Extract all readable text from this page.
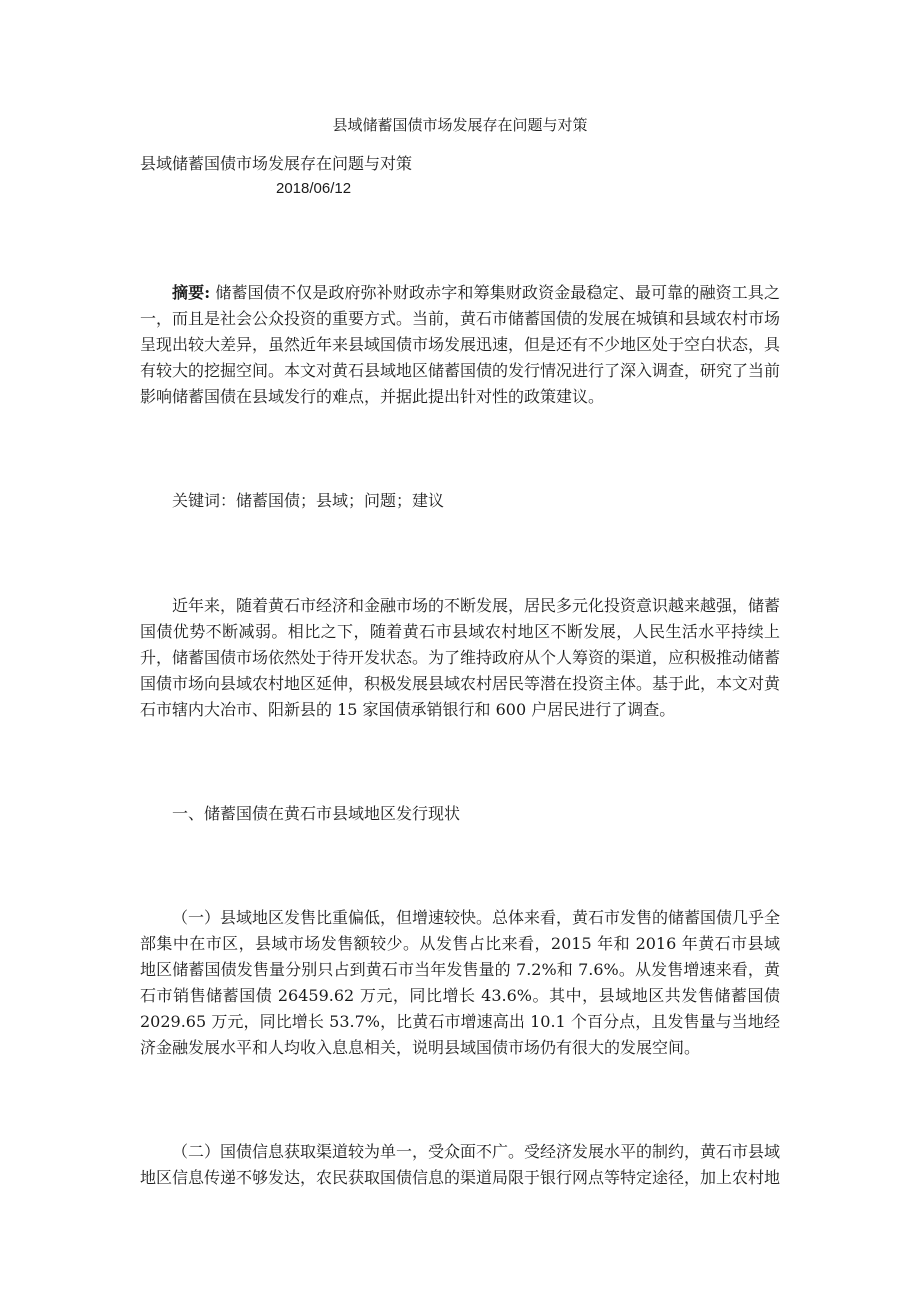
县域储蓄国债市场发展存在问题与对策
县域储蓄国债市场发展存在问题与对策
2018/06/12

摘要: 储蓄国债不仅是政府弥补财政赤字和筹集财政资金最稳定、最可靠的融资工具之一，而且是社会公众投资的重要方式。当前，黄石市储蓄国债的发展在城镇和县域农村市场呈现出较大差异，虽然近年来县域国债市场发展迅速，但是还有不少地区处于空白状态，具有较大的挖掘空间。本文对黄石县域地区储蓄国债的发行情况进行了深入调查，研究了当前影响储蓄国债在县域发行的难点，并据此提出针对性的政策建议。

关键词：储蓄国债；县域；问题；建议

近年来，随着黄石市经济和金融市场的不断发展，居民多元化投资意识越来越强，储蓄国债优势不断减弱。相比之下，随着黄石市县域农村地区不断发展，人民生活水平持续上升，储蓄国债市场依然处于待开发状态。为了维持政府从个人筹资的渠道，应积极推动储蓄国债市场向县域农村地区延伸，积极发展县域农村居民等潜在投资主体。基于此，本文对黄石市辖内大冶市、阳新县的 15 家国债承销银行和 600 户居民进行了调查。

一、储蓄国债在黄石市县域地区发行现状

（一）县域地区发售比重偏低，但增速较快。总体来看，黄石市发售的储蓄国债几乎全部集中在市区，县域市场发售额较少。从发售占比来看，2015 年和 2016 年黄石市县域地区储蓄国债发售量分别只占到黄石市当年发售量的 7.2%和 7.6%。从发售增速来看，黄石市销售储蓄国债 26459.62 万元，同比增长 43.6%。其中，县域地区共发售储蓄国债 2029.65 万元，同比增长 53.7%，比黄石市增速高出 10.1 个百分点，且发售量与当地经济金融发展水平和人均收入息息相关，说明县域国债市场仍有很大的发展空间。

（二）国债信息获取渠道较为单一，受众面不广。受经济发展水平的制约，黄石市县域地区信息传递不够发达，农民获取国债信息的渠道局限于银行网点等特定途径，加上农村地
